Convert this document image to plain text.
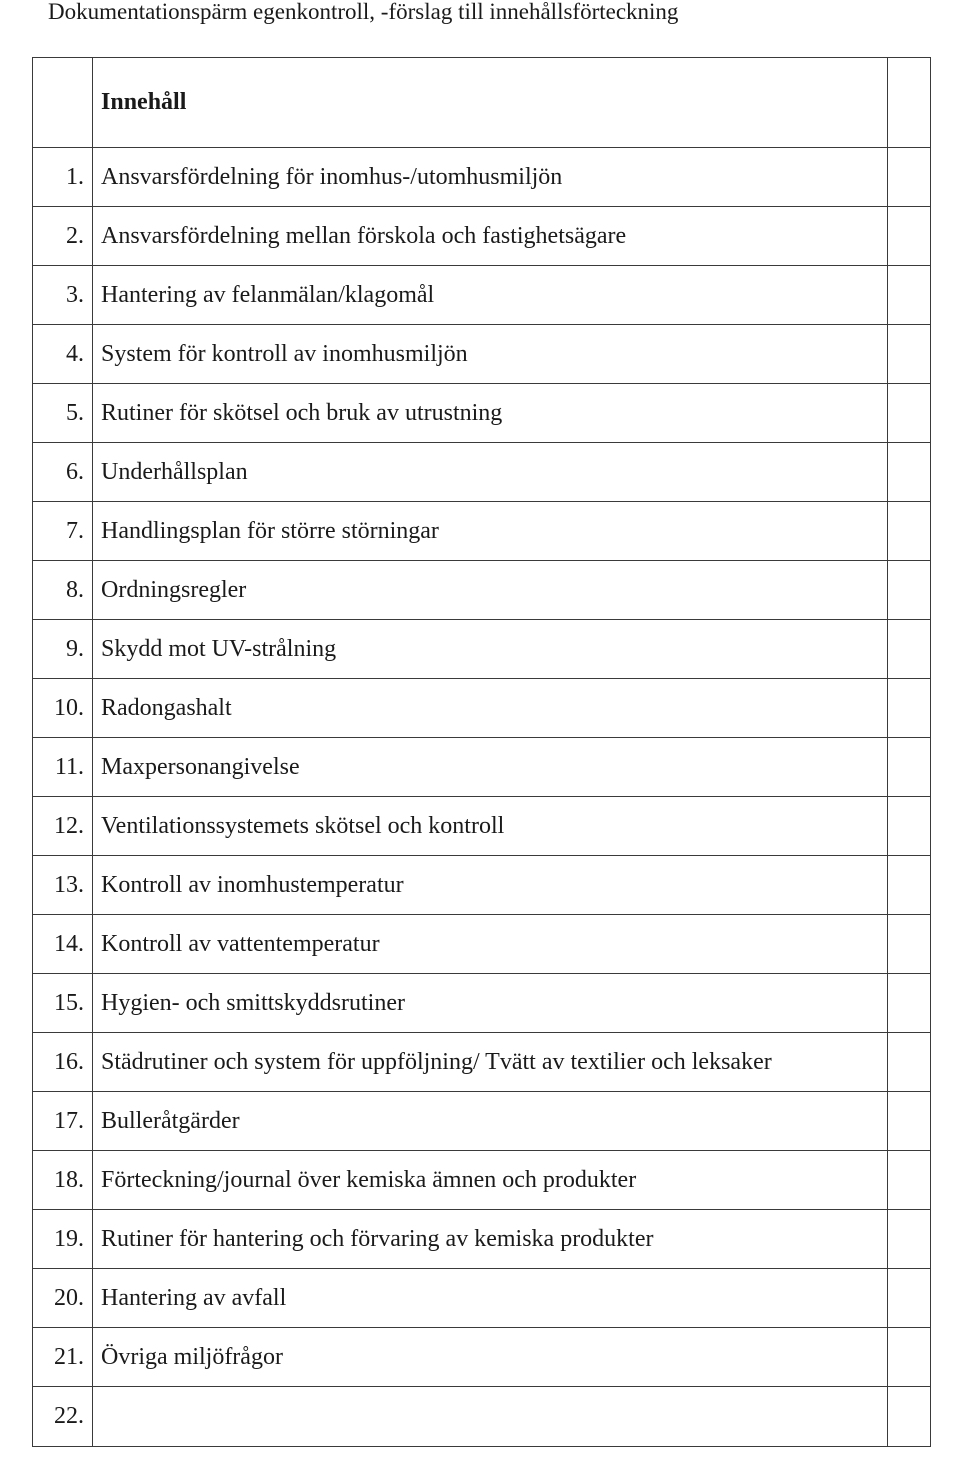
Dokumentationspärm egenkontroll, -förslag till innehållsförteckning
	Innehåll	
1.	Ansvarsfördelning för inomhus-/utomhusmiljön	
2.	Ansvarsfördelning mellan förskola och fastighetsägare	
3.	Hantering av felanmälan/klagomål	
4.	System för kontroll av inomhusmiljön	
5.	Rutiner för skötsel och bruk av utrustning	
6.	Underhållsplan	
7.	Handlingsplan för större störningar	
8.	Ordningsregler	
9.	Skydd mot UV-strålning	
10.	Radongashalt	
11.	Maxpersonangivelse	
12.	Ventilationssystemets skötsel och kontroll	
13.	Kontroll av inomhustemperatur	
14.	Kontroll av vattentemperatur	
15.	Hygien- och smittskyddsrutiner	
16.	Städrutiner och system för uppföljning/ Tvätt av textilier och leksaker	
17.	Bulleråtgärder	
18.	Förteckning/journal över kemiska ämnen och produkter	
19.	Rutiner för hantering och förvaring av kemiska produkter	
20.	Hantering av avfall	
21.	Övriga miljöfrågor	
22.		
